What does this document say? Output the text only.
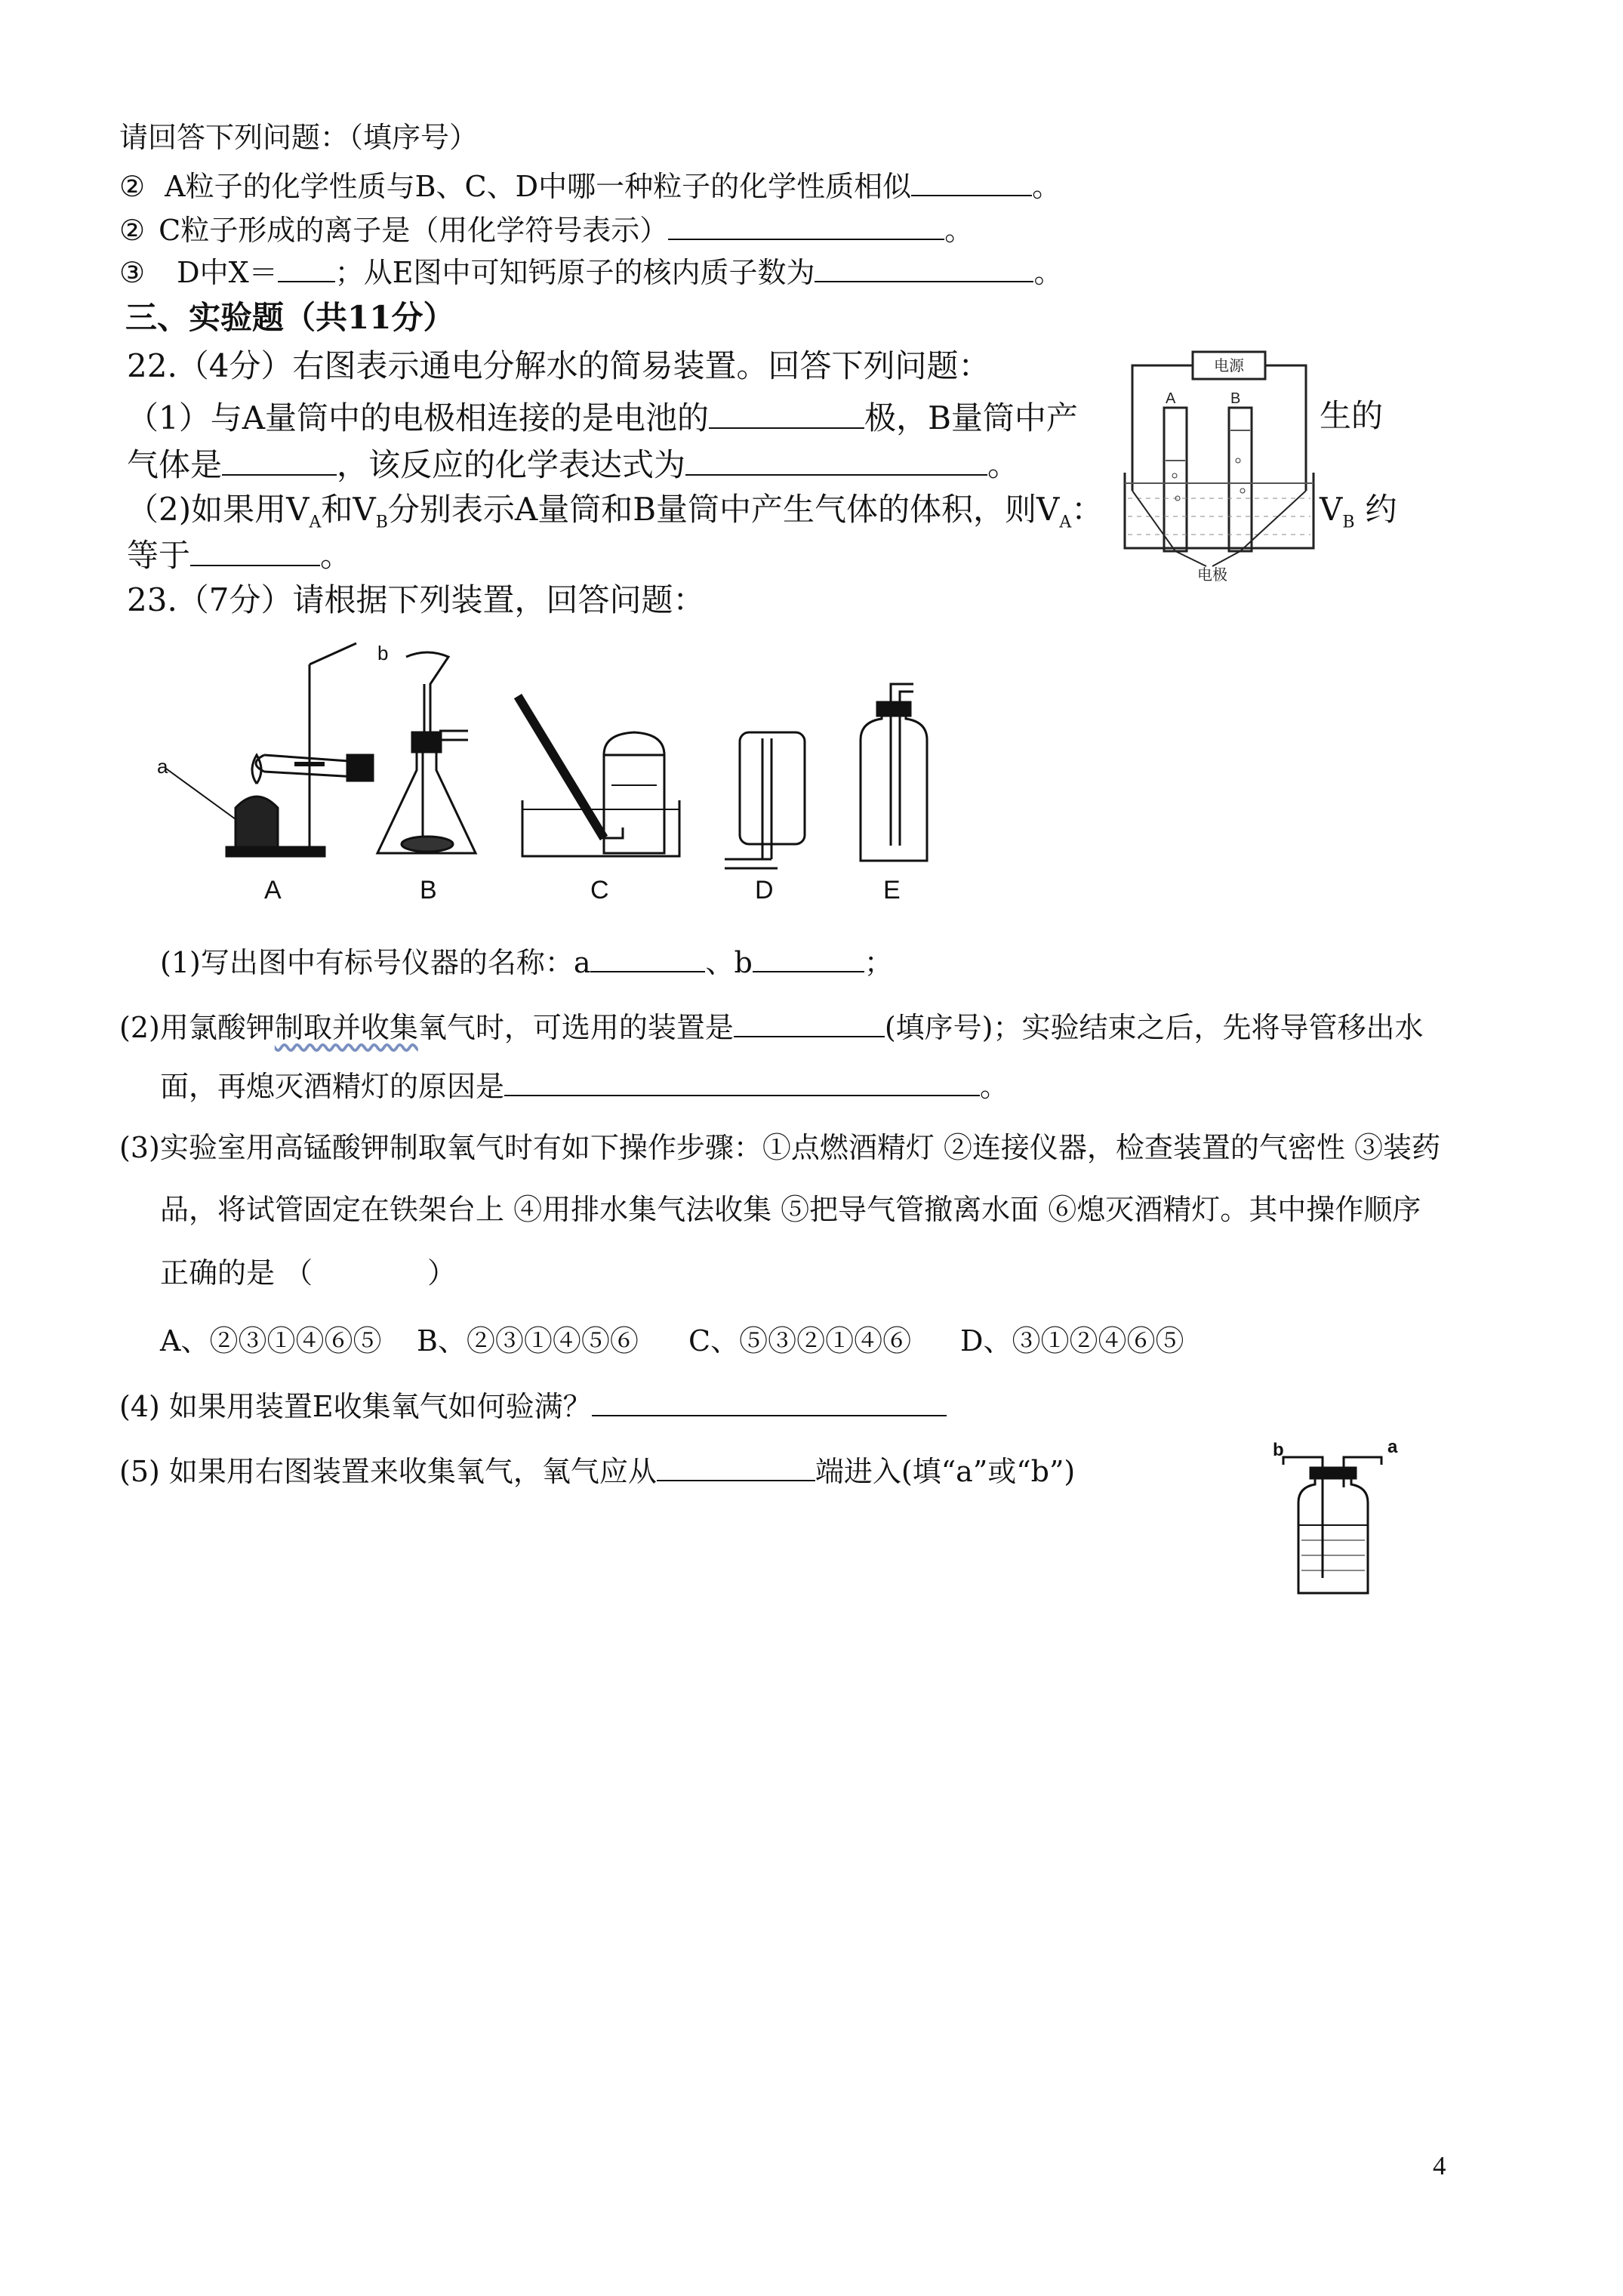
请回答下列问题：（填序号）
② A粒子的化学性质与B、C、D中哪一种粒子的化学性质相似	。
② C粒子形成的离子是（用化学符号表示）	。
③ D中X＝ ；从E图中可知钙原子的核内质子数为	。
三、实验题（共11分）
22.（4分）右图表示通电分解水的简易装置。回答下列问题：
（1）与A量筒中的电极相连接的是电池的	极，B量筒中产	生的
气体是	，该反应的化学表达式为	。
（2)如果用$V_A$和$V_B$分别表示A量筒和B量筒中产生气体的体积，则$V_A$：	$V_B$ 约
等于	。
电源
A	B
电极
23.（7分）请根据下列装置，回答问题：
a
b
A	B	C	D	E
(1)写出图中有标号仪器的名称：a	、b	；
(2)用氯酸钾制取并收集氧气时，可选用的装置是	(填序号)；实验结束之后，先将导管移出水
面，再熄灭酒精灯的原因是	。
(3)实验室用高锰酸钾制取氧气时有如下操作步骤：①点燃酒精灯 ②连接仪器，检查装置的气密性 ③装药
品，将试管固定在铁架台上 ④用排水集气法收集 ⑤把导气管撤离水面 ⑥熄灭酒精灯。其中操作顺序
正确的是 （　　　　）
A、②③①④⑥⑤ B、②③①④⑤⑥ C、⑤③②①④⑥ D、③①②④⑥⑤
(4) 如果用装置E收集氧气如何验满？
(5) 如果用右图装置来收集氧气，氧气应从	端进入(填“a”或“b”)
b	a
4
